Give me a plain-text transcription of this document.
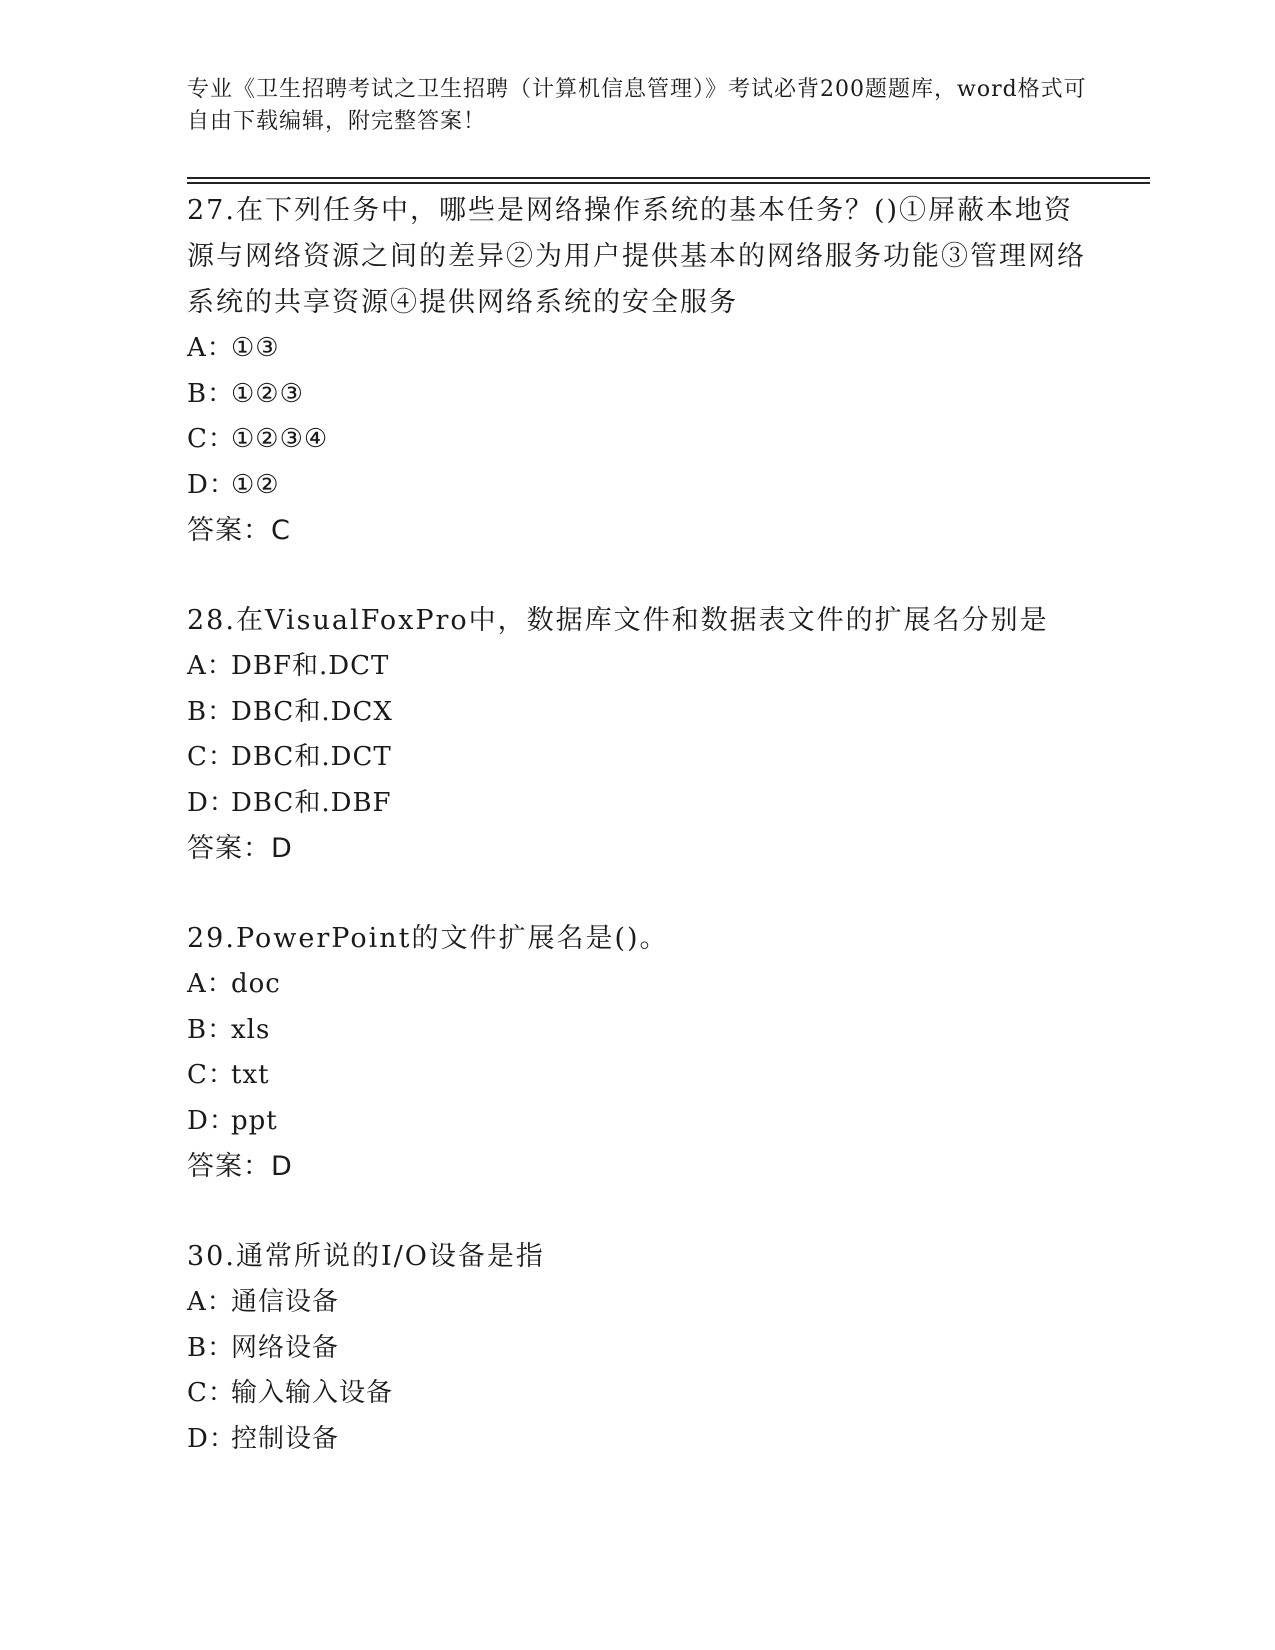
专业《卫生招聘考试之卫生招聘（计算机信息管理）》考试必背200题题库，word格式可自由下载编辑，附完整答案！
27.在下列任务中，哪些是网络操作系统的基本任务？()①屏蔽本地资源与网络资源之间的差异②为用户提供基本的网络服务功能③管理网络系统的共享资源④提供网络系统的安全服务
A：①③
B：①②③
C：①②③④
D：①②
答案：C
28.在VisualFoxPro中，数据库文件和数据表文件的扩展名分别是
A：DBF和.DCT
B：DBC和.DCX
C：DBC和.DCT
D：DBC和.DBF
答案：D
29.PowerPoint的文件扩展名是()。
A：doc
B：xls
C：txt
D：ppt
答案：D
30.通常所说的I/O设备是指
A：通信设备
B：网络设备
C：输入输入设备
D：控制设备
